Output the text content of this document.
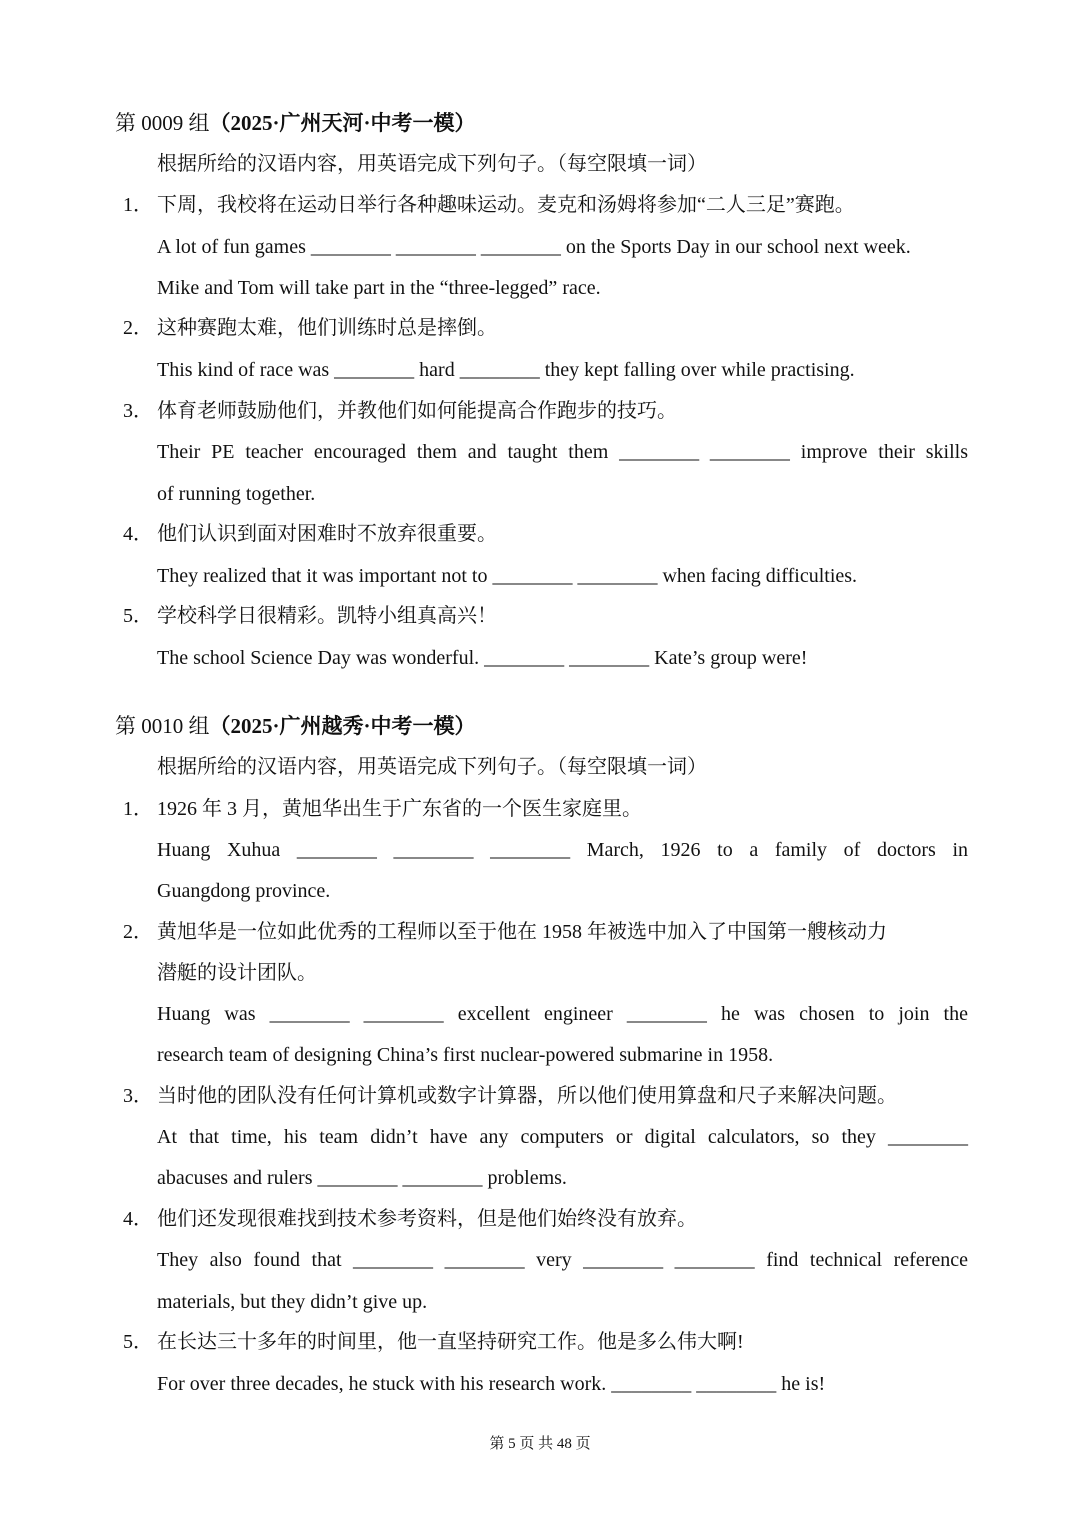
第 0009 组（2025·广州天河·中考一模）
根据所给的汉语内容，用英语完成下列句子。（每空限填一词）
1． 下周，我校将在运动日举行各种趣味运动。麦克和汤姆将参加“二人三足”赛跑。
A lot of fun games ________ ________ ________ on the Sports Day in our school next week.
Mike and Tom will take part in the “three-legged” race.
2． 这种赛跑太难，他们训练时总是摔倒。
This kind of race was ________ hard ________ they kept falling over while practising.
3． 体育老师鼓励他们，并教他们如何能提高合作跑步的技巧。
Their PE teacher encouraged them and taught them ________ ________ improve their skills
of running together.
4． 他们认识到面对困难时不放弃很重要。
They realized that it was important not to ________ ________ when facing difficulties.
5． 学校科学日很精彩。凯特小组真高兴！
The school Science Day was wonderful. ________ ________ Kate’s group were!
第 0010 组（2025·广州越秀·中考一模）
根据所给的汉语内容，用英语完成下列句子。（每空限填一词）
1． 1926 年 3 月，黄旭华出生于广东省的一个医生家庭里。
Huang Xuhua ________ ________ ________ March, 1926 to a family of doctors in
Guangdong province.
2． 黄旭华是一位如此优秀的工程师以至于他在 1958 年被选中加入了中国第一艘核动力
潜艇的设计团队。
Huang was ________ ________ excellent engineer ________ he was chosen to join the
research team of designing China’s first nuclear-powered submarine in 1958.
3． 当时他的团队没有任何计算机或数字计算器，所以他们使用算盘和尺子来解决问题。
At that time, his team didn’t have any computers or digital calculators, so they ________
abacuses and rulers ________ ________ problems.
4． 他们还发现很难找到技术参考资料，但是他们始终没有放弃。
They also found that ________ ________ very ________ ________ find technical reference
materials, but they didn’t give up.
5． 在长达三十多年的时间里，他一直坚持研究工作。他是多么伟大啊!
For over three decades, he stuck with his research work. ________ ________ he is!
第 5 页 共 48 页
